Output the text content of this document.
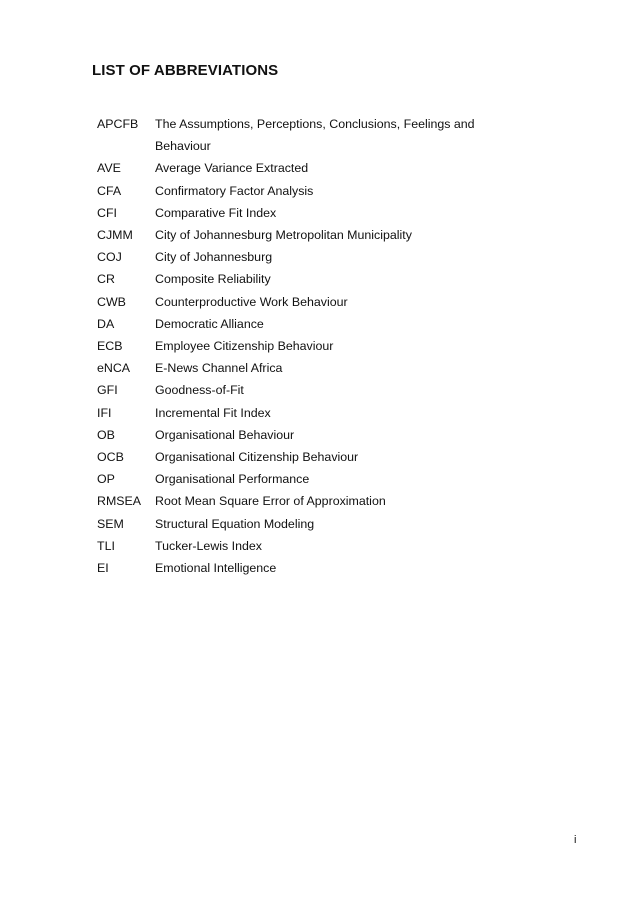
LIST OF ABBREVIATIONS
APCFB	The Assumptions, Perceptions, Conclusions, Feelings and Behaviour
AVE	Average Variance Extracted
CFA	Confirmatory Factor Analysis
CFI	Comparative Fit Index
CJMM	City of Johannesburg Metropolitan Municipality
COJ	City of Johannesburg
CR	Composite Reliability
CWB	Counterproductive Work Behaviour
DA	Democratic Alliance
ECB	Employee Citizenship Behaviour
eNCA	E-News Channel Africa
GFI	Goodness-of-Fit
IFI	Incremental Fit Index
OB	Organisational Behaviour
OCB	Organisational Citizenship Behaviour
OP	Organisational Performance
RMSEA	Root Mean Square Error of Approximation
SEM	Structural Equation Modeling
TLI	Tucker-Lewis Index
EI	Emotional Intelligence
i
